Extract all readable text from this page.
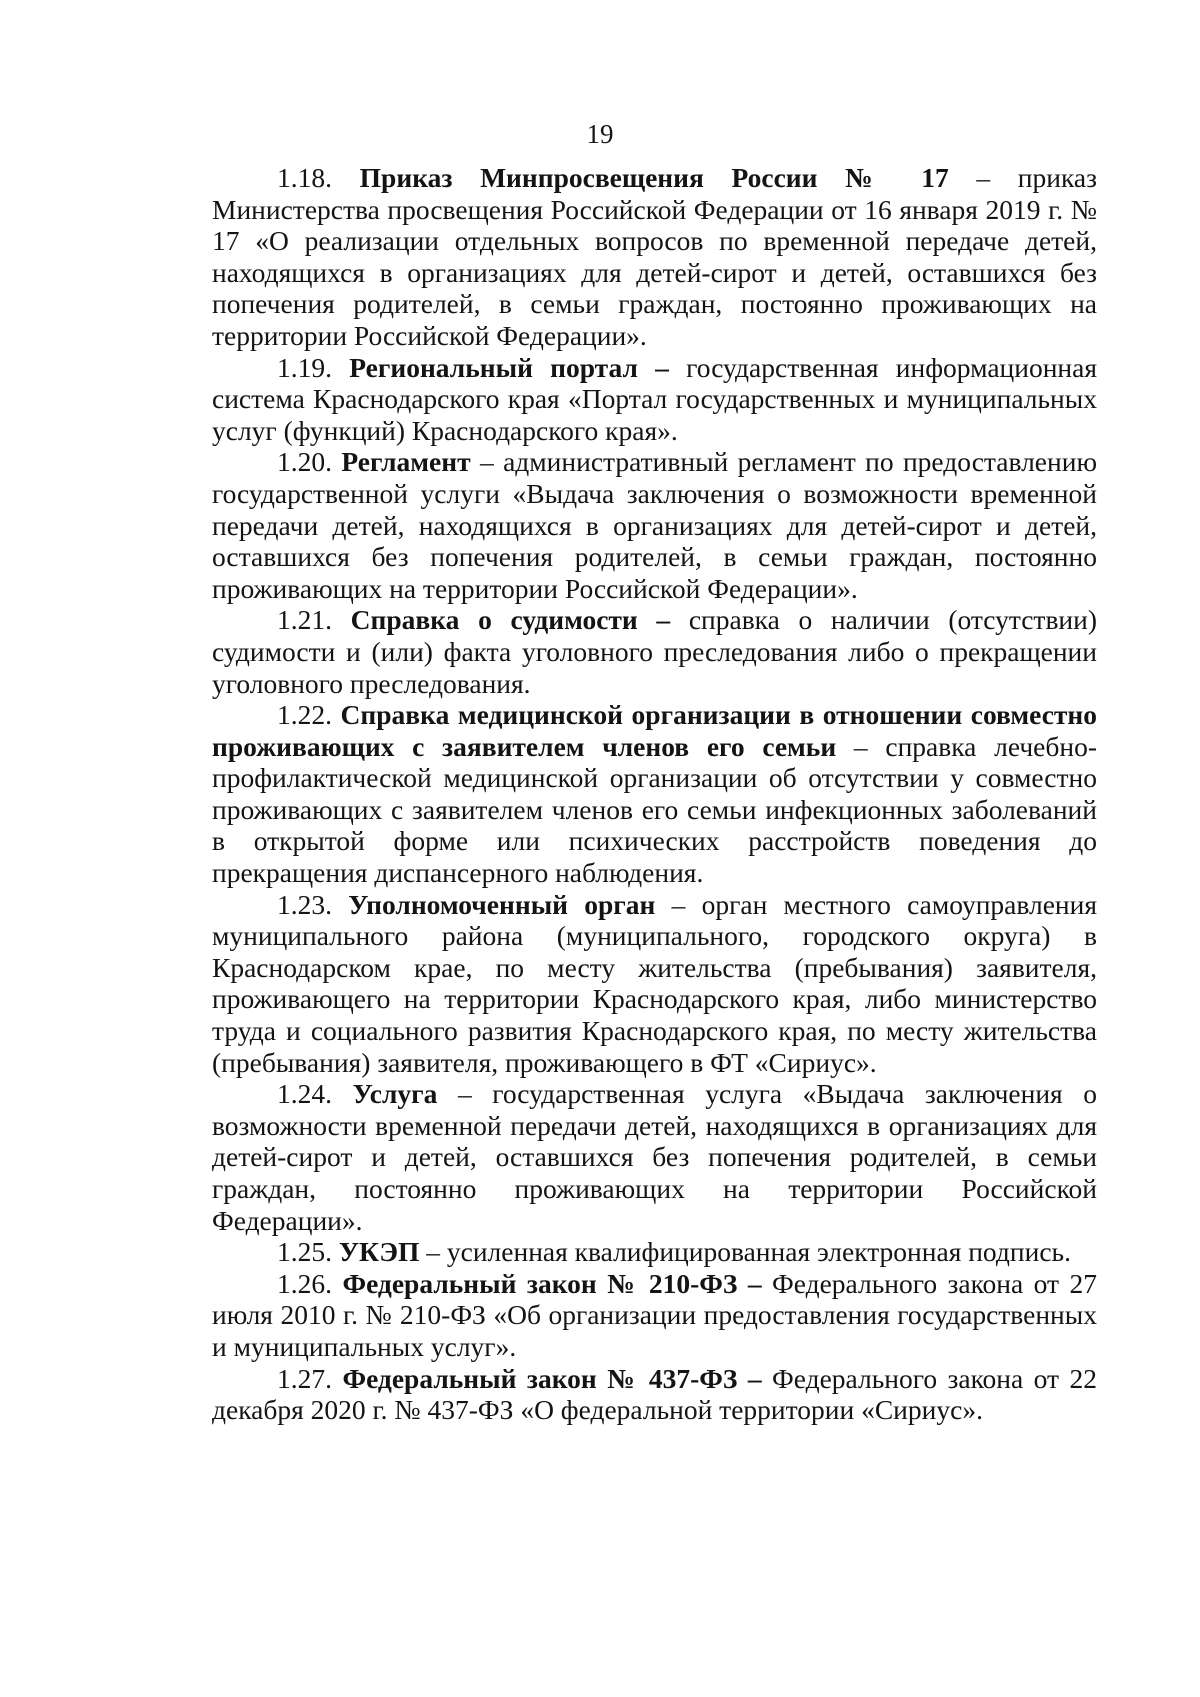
19

1.18. Приказ Минпросвещения России № 17 – приказ Министерства просвещения Российской Федерации от 16 января 2019 г. № 17 «О реализации отдельных вопросов по временной передаче детей, находящихся в организациях для детей-сирот и детей, оставшихся без попечения родителей, в семьи граждан, постоянно проживающих на территории Российской Федерации».

1.19. Региональный портал – государственная информационная система Краснодарского края «Портал государственных и муниципальных услуг (функций) Краснодарского края».

1.20. Регламент – административный регламент по предоставлению государственной услуги «Выдача заключения о возможности временной передачи детей, находящихся в организациях для детей-сирот и детей, оставшихся без попечения родителей, в семьи граждан, постоянно проживающих на территории Российской Федерации».

1.21. Справка о судимости – справка о наличии (отсутствии) судимости и (или) факта уголовного преследования либо о прекращении уголовного преследования.

1.22. Справка медицинской организации в отношении совместно проживающих с заявителем членов его семьи – справка лечебно-профилактической медицинской организации об отсутствии у совместно проживающих с заявителем членов его семьи инфекционных заболеваний в открытой форме или психических расстройств поведения до прекращения диспансерного наблюдения.

1.23. Уполномоченный орган – орган местного самоуправления муниципального района (муниципального, городского округа) в Краснодарском крае, по месту жительства (пребывания) заявителя, проживающего на территории Краснодарского края, либо министерство труда и социального развития Краснодарского края, по месту жительства (пребывания) заявителя, проживающего в ФТ «Сириус».

1.24. Услуга – государственная услуга «Выдача заключения о возможности временной передачи детей, находящихся в организациях для детей-сирот и детей, оставшихся без попечения родителей, в семьи граждан, постоянно проживающих на территории Российской Федерации».

1.25. УКЭП – усиленная квалифицированная электронная подпись.

1.26. Федеральный закон № 210-ФЗ – Федерального закона от 27 июля 2010 г. № 210-ФЗ «Об организации предоставления государственных и муниципальных услуг».

1.27. Федеральный закон № 437-ФЗ – Федерального закона от 22 декабря 2020 г. № 437-ФЗ «О федеральной территории «Сириус».
